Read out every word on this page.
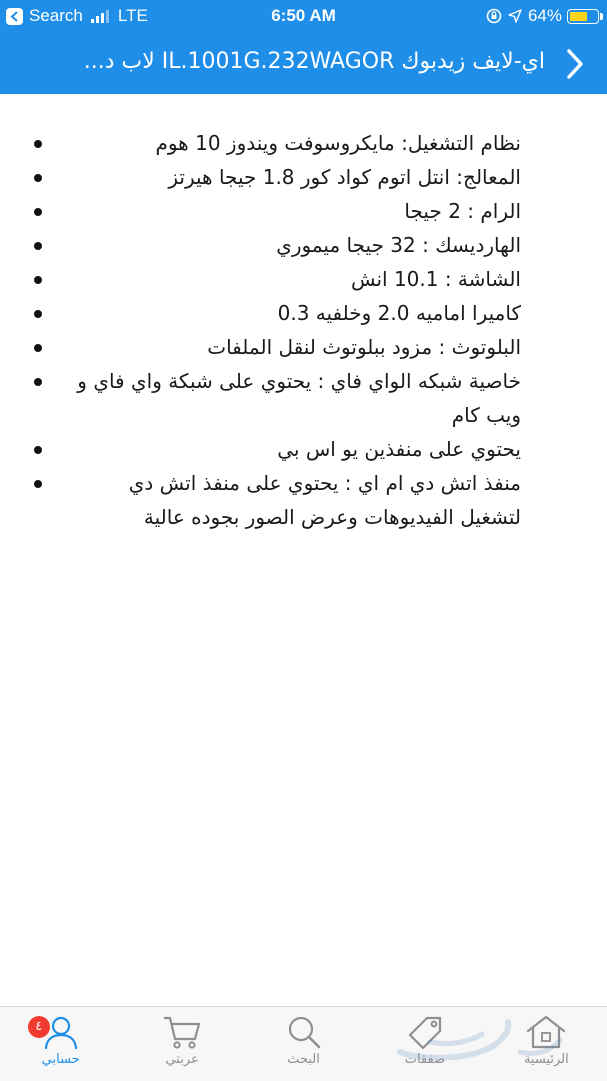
Search LTE	6:50 AM	64%
اي-لايف زيدبوك IL.1001G.232WAGOR لاب د...
نظام التشغيل: مايكروسوفت ويندوز 10 هوم
المعالج: انتل اتوم كواد كور 1.8 جيجا هيرتز
الرام : 2 جيجا
الهارديسك : 32 جيجا ميموري
الشاشة : 10.1 انش
كاميرا اماميه 2.0 وخلفيه 0.3
البلوتوث : مزود ببلوتوث لنقل الملفات
خاصية شبكه الواي فاي : يحتوي على شبكة واي فاي و ويب كام
يحتوي على منفذين يو اس بي
منفذ اتش دي ام اي : يحتوي على منفذ اتش دي لتشغيل الفيديوهات وعرض الصور بجوده عالية
٤
حسابي	عربتي	البحث	صفقات	الرئيسية
